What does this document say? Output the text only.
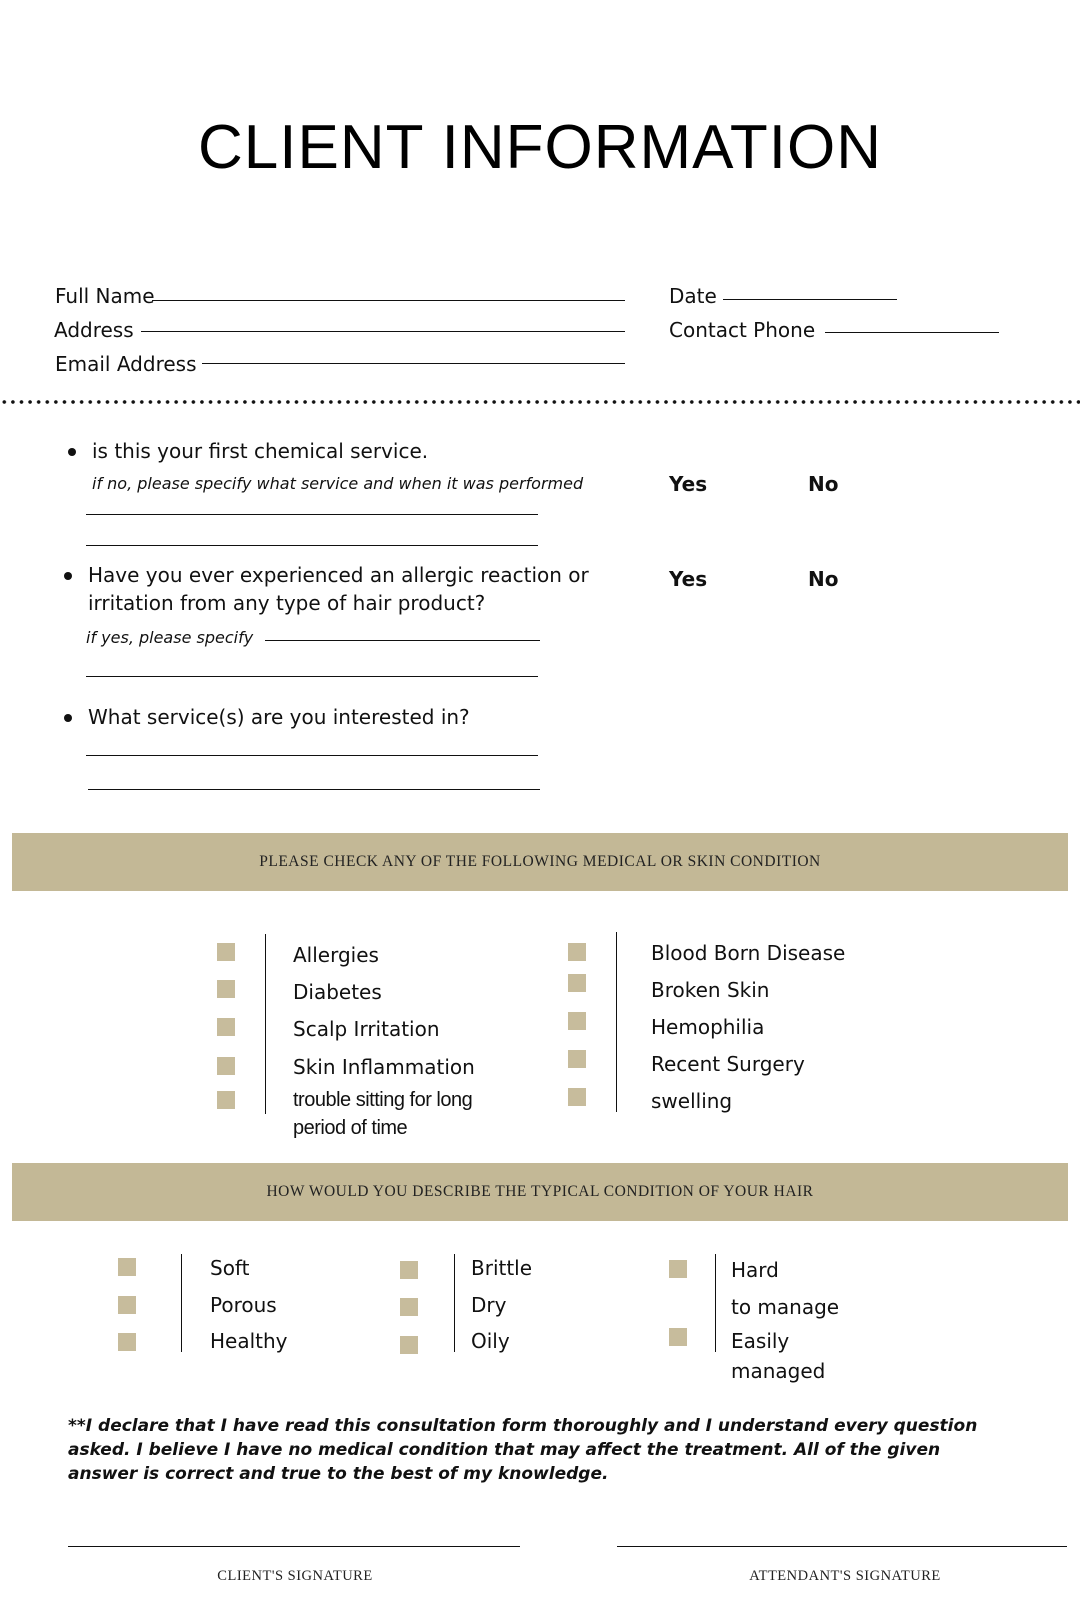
CLIENT INFORMATION
Full Name
Address
Email Address
Date
Contact Phone
is this your first chemical service.
if no, please specify what service and when it was performed	Yes	No
Have you ever experienced an allergic reaction or
irritation from any type of hair product?
if yes, please specify
Yes	No
What service(s) are you interested in?
PLEASE CHECK ANY OF THE FOLLOWING MEDICAL OR SKIN CONDITION
Allergies
Diabetes
Scalp Irritation
Skin Inflammation
trouble sitting for long
period of time
Blood Born Disease
Broken Skin
Hemophilia
Recent Surgery
swelling
HOW WOULD YOU DESCRIBE THE TYPICAL CONDITION OF YOUR HAIR
Soft
Porous
Healthy
Brittle
Dry
Oily
Hard
to manage
Easily
managed
**I declare that I have read this consultation form thoroughly and I understand every question asked. I believe I have no medical condition that may affect the treatment. All of the given answer is correct and true to the best of my knowledge.
CLIENT'S SIGNATURE	ATTENDANT'S SIGNATURE
